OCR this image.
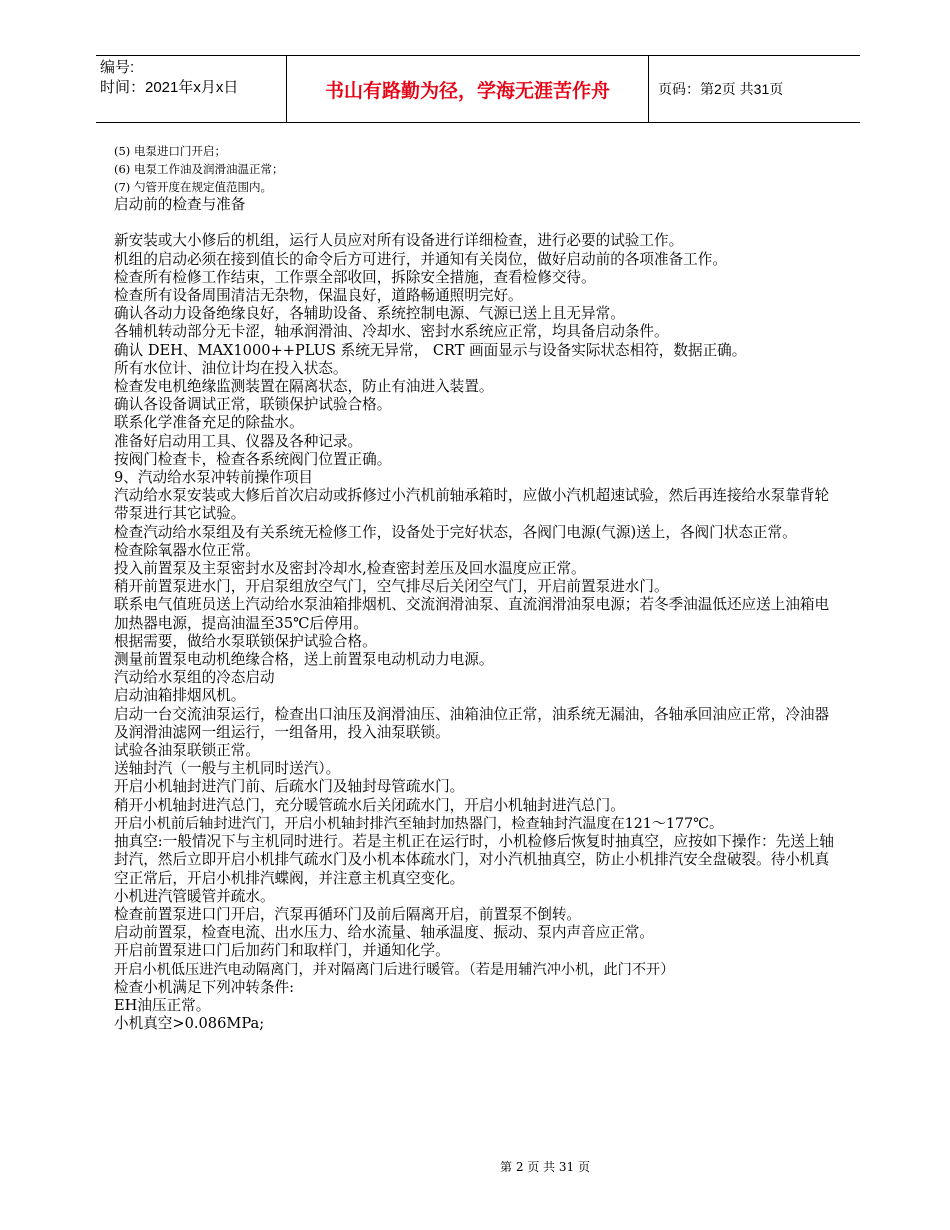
编号:
时间：2021年x月x日	书山有路勤为径，学海无涯苦作舟	页码：第2页 共31页
(5) 电泵进口门开启；
(6) 电泵工作油及润滑油温正常；
(7) 勺管开度在规定值范围内。
启动前的检查与准备
新安装或大小修后的机组，运行人员应对所有设备进行详细检查，进行必要的试验工作。
机组的启动必须在接到值长的命令后方可进行，并通知有关岗位，做好启动前的各项准备工作。
检查所有检修工作结束，工作票全部收回，拆除安全措施，查看检修交待。
检查所有设备周围清洁无杂物，保温良好，道路畅通照明完好。
确认各动力设备绝缘良好，各辅助设备、系统控制电源、气源已送上且无异常。
各辅机转动部分无卡涩，轴承润滑油、冷却水、密封水系统应正常，均具备启动条件。
确认 DEH、MAX1000++PLUS 系统无异常， CRT 画面显示与设备实际状态相符，数据正确。
所有水位计、油位计均在投入状态。
检查发电机绝缘监测装置在隔离状态，防止有油进入装置。
确认各设备调试正常，联锁保护试验合格。
联系化学准备充足的除盐水。
准备好启动用工具、仪器及各种记录。
按阀门检查卡，检查各系统阀门位置正确。
9、汽动给水泵冲转前操作项目
汽动给水泵安装或大修后首次启动或拆修过小汽机前轴承箱时，应做小汽机超速试验，然后再连接给水泵靠背轮带泵进行其它试验。
检查汽动给水泵组及有关系统无检修工作，设备处于完好状态，各阀门电源(气源)送上，各阀门状态正常。
检查除氧器水位正常。
投入前置泵及主泵密封水及密封冷却水,检查密封差压及回水温度应正常。
稍开前置泵进水门，开启泵组放空气门，空气排尽后关闭空气门，开启前置泵进水门。
联系电气值班员送上汽动给水泵油箱排烟机、交流润滑油泵、直流润滑油泵电源；若冬季油温低还应送上油箱电加热器电源，提高油温至35℃后停用。
根据需要，做给水泵联锁保护试验合格。
测量前置泵电动机绝缘合格，送上前置泵电动机动力电源。
汽动给水泵组的冷态启动
启动油箱排烟风机。
启动一台交流油泵运行，检查出口油压及润滑油压、油箱油位正常，油系统无漏油，各轴承回油应正常，冷油器及润滑油滤网一组运行，一组备用，投入油泵联锁。
试验各油泵联锁正常。
送轴封汽（一般与主机同时送汽）。
开启小机轴封进汽门前、后疏水门及轴封母管疏水门。
稍开小机轴封进汽总门，充分暖管疏水后关闭疏水门，开启小机轴封进汽总门。
开启小机前后轴封进汽门，开启小机轴封排汽至轴封加热器门，检查轴封汽温度在121～177℃。
抽真空:一般情况下与主机同时进行。若是主机正在运行时，小机检修后恢复时抽真空，应按如下操作：先送上轴封汽，然后立即开启小机排气疏水门及小机本体疏水门，对小汽机抽真空，防止小机排汽安全盘破裂。待小机真空正常后，开启小机排汽蝶阀，并注意主机真空变化。
小机进汽管暖管并疏水。
检查前置泵进口门开启，汽泵再循环门及前后隔离开启，前置泵不倒转。
启动前置泵，检查电流、出水压力、给水流量、轴承温度、振动、泵内声音应正常。
开启前置泵进口门后加药门和取样门，并通知化学。
开启小机低压进汽电动隔离门，并对隔离门后进行暖管。（若是用辅汽冲小机，此门不开）
检查小机满足下列冲转条件:
EH油压正常。
小机真空>0.086MPa;
第 2 页 共 31 页
